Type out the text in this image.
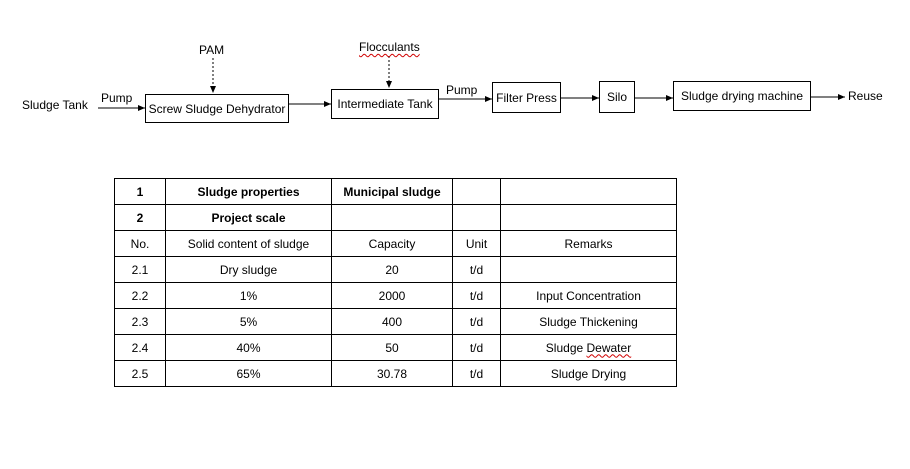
Sludge Tank Pump
PAM
Screw Sludge Dehydrator
Flocculants
Intermediate Tank
Pump
Filter Press	Silo	Sludge drying machine	Reuse
1	Sludge properties	Municipal sludge		
2	Project scale			
No.	Solid content of sludge	Capacity	Unit	Remarks
2.1	Dry sludge	20	t/d	
2.2	1%	2000	t/d	Input Concentration
2.3	5%	400	t/d	Sludge Thickening
2.4	40%	50	t/d	Sludge Dewater
2.5	65%	30.78	t/d	Sludge Drying
